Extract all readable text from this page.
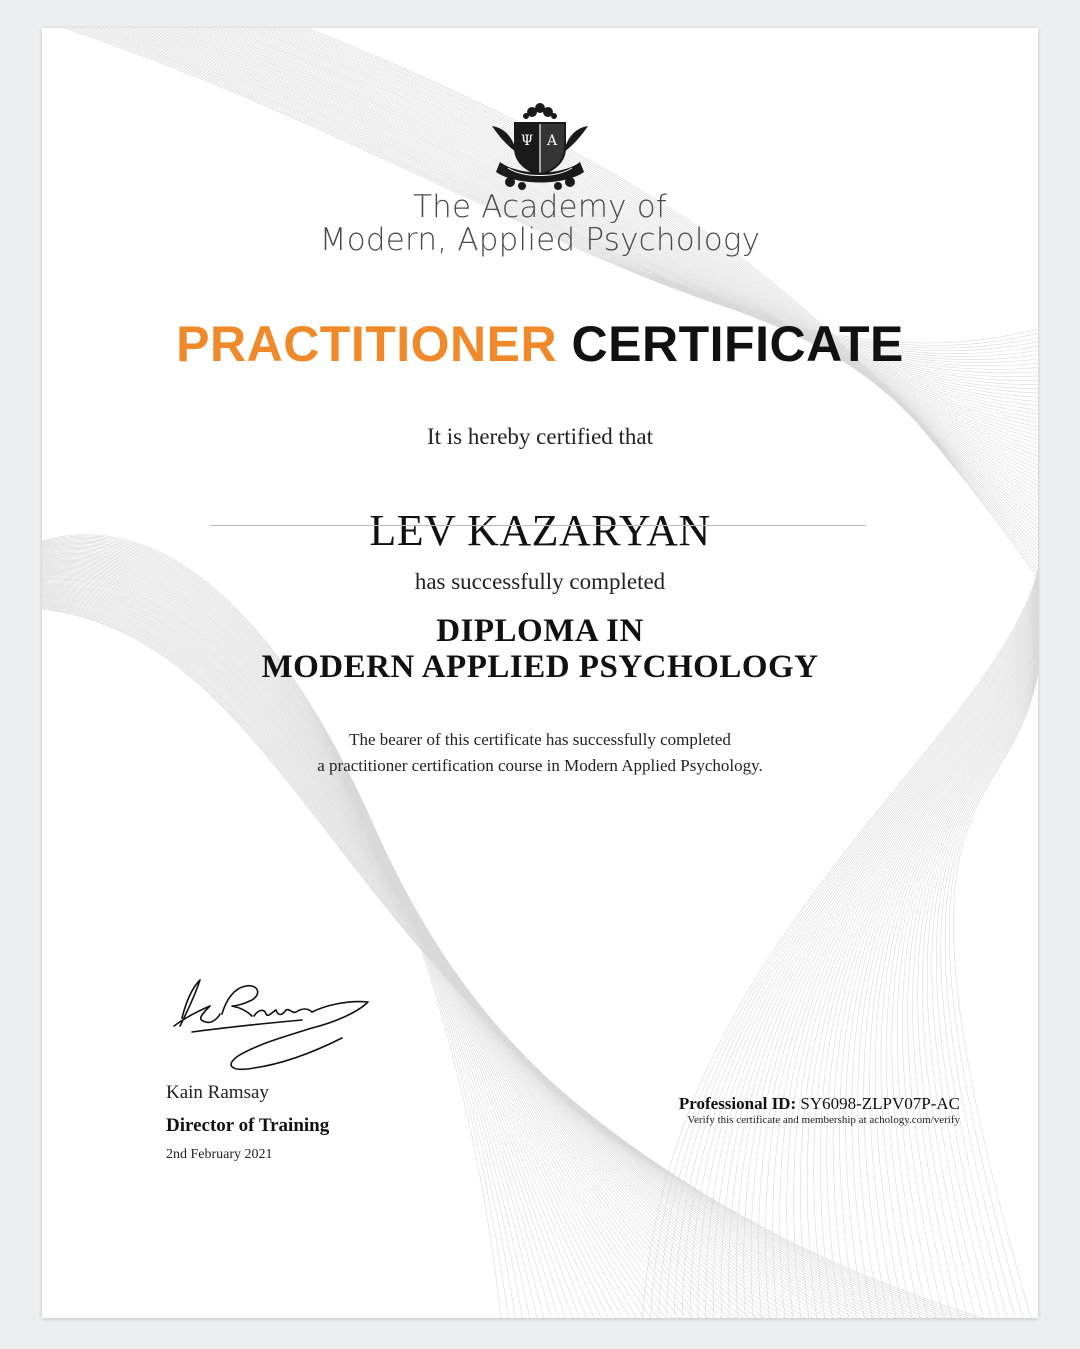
Ψ A
The Academy of
Modern, Applied Psychology
PRACTITIONER CERTIFICATE
It is hereby certified that
LEV KAZARYAN
has successfully completed
DIPLOMA IN
MODERN APPLIED PSYCHOLOGY
The bearer of this certificate has successfully completed
a practitioner certification course in Modern Applied Psychology.
Kain Ramsay
Director of Training
2nd February 2021
Professional ID: SY6098-ZLPV07P-AC
Verify this certificate and membership at achology.com/verify
